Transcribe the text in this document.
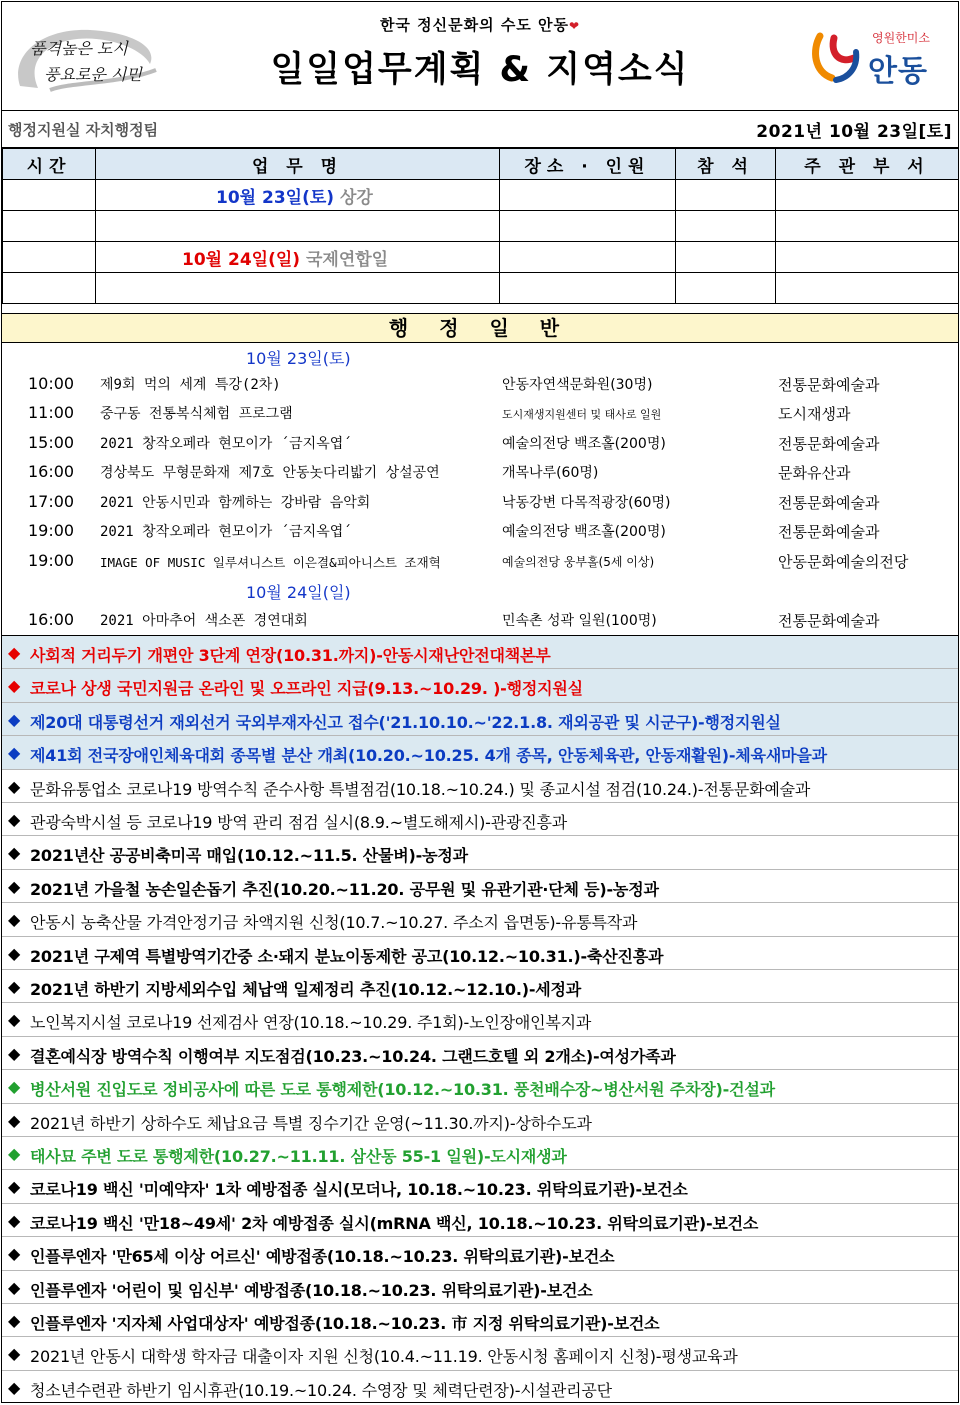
품격높은 도시
풍요로운 시민
한국 정신문화의 수도 안동❤
일일업무계획 & 지역소식
영원한미소
안동
행정지원실 자치행정팀	2021년 10월 23일[토]
시간	업 무 명	장소 · 인원	참 석	주 관 부 서
	10월 23일(토) 상강			

	10월 24일(일) 국제연합일			

행 정 일 반
10월 23일(토)
10:00 제9회 먹의 세계 특강(2차)	안동자연색문화원(30명)	전통문화예술과
11:00 중구동 전통복식체험 프로그램	도시재생지원센터 및 태사로 일원	도시재생과
15:00 2021 창작오페라 현모이가 ´금지옥엽´	예술의전당 백조홀(200명)	전통문화예술과
16:00 경상북도 무형문화재 제7호 안동놋다리밟기 상설공연	개목나루(60명)	문화유산과
17:00 2021 안동시민과 함께하는 강바람 음악회	낙동강변 다목적광장(60명)	전통문화예술과
19:00 2021 창작오페라 현모이가 ´금지옥엽´	예술의전당 백조홀(200명)	전통문화예술과
19:00 IMAGE OF MUSIC 일루셔니스트 이은결&피아니스트 조재혁	예술의전당 웅부홀(5세 이상)	안동문화예술의전당
10월 24일(일)
16:00 2021 아마추어 색소폰 경연대회	민속촌 성곽 일원(100명)	전통문화예술과
◆ 사회적 거리두기 개편안 3단계 연장(10.31.까지)-안동시재난안전대책본부
◆ 코로나 상생 국민지원금 온라인 및 오프라인 지급(9.13.~10.29. )-행정지원실
◆ 제20대 대통령선거 재외선거 국외부재자신고 접수('21.10.10.~'22.1.8. 재외공관 및 시군구)-행정지원실
◆ 제41회 전국장애인체육대회 종목별 분산 개최(10.20.~10.25. 4개 종목, 안동체육관, 안동재활원)-체육새마을과
◆ 문화유통업소 코로나19 방역수칙 준수사항 특별점검(10.18.~10.24.) 및 종교시설 점검(10.24.)-전통문화예술과
◆ 관광숙박시설 등 코로나19 방역 관리 점검 실시(8.9.~별도해제시)-관광진흥과
◆ 2021년산 공공비축미곡 매입(10.12.~11.5. 산물벼)-농정과
◆ 2021년 가을철 농손일손돕기 추진(10.20.~11.20. 공무원 및 유관기관·단체 등)-농정과
◆ 안동시 농축산물 가격안정기금 차액지원 신청(10.7.~10.27. 주소지 읍면동)-유통특작과
◆ 2021년 구제역 특별방역기간중 소·돼지 분뇨이동제한 공고(10.12.~10.31.)-축산진흥과
◆ 2021년 하반기 지방세외수입 체납액 일제정리 추진(10.12.~12.10.)-세정과
◆ 노인복지시설 코로나19 선제검사 연장(10.18.~10.29. 주1회)-노인장애인복지과
◆ 결혼예식장 방역수칙 이행여부 지도점검(10.23.~10.24. 그랜드호텔 외 2개소)-여성가족과
◆ 병산서원 진입도로 정비공사에 따른 도로 통행제한(10.12.~10.31. 풍천배수장~병산서원 주차장)-건설과
◆ 2021년 하반기 상하수도 체납요금 특별 징수기간 운영(~11.30.까지)-상하수도과
◆ 태사묘 주변 도로 통행제한(10.27.~11.11. 삼산동 55-1 일원)-도시재생과
◆ 코로나19 백신 '미예약자' 1차 예방접종 실시(모더나, 10.18.~10.23. 위탁의료기관)-보건소
◆ 코로나19 백신 '만18~49세' 2차 예방접종 실시(mRNA 백신, 10.18.~10.23. 위탁의료기관)-보건소
◆ 인플루엔자 '만65세 이상 어르신' 예방접종(10.18.~10.23. 위탁의료기관)-보건소
◆ 인플루엔자 '어린이 및 임신부' 예방접종(10.18.~10.23. 위탁의료기관)-보건소
◆ 인플루엔자 '지자체 사업대상자' 예방접종(10.18.~10.23. 市 지정 위탁의료기관)-보건소
◆ 2021년 안동시 대학생 학자금 대출이자 지원 신청(10.4.~11.19. 안동시청 홈페이지 신청)-평생교육과
◆ 청소년수련관 하반기 임시휴관(10.19.~10.24. 수영장 및 체력단련장)-시설관리공단
